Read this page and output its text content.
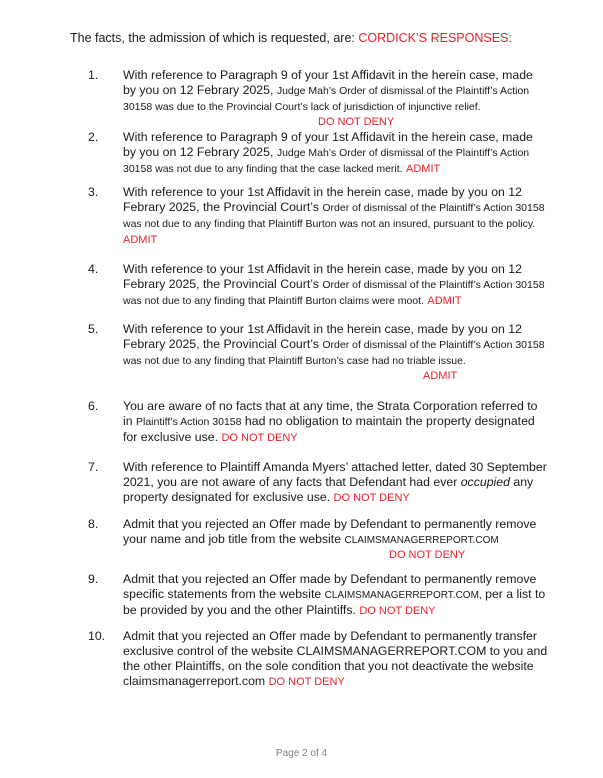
The facts, the admission of which is requested, are: CORDICK’S RESPONSES:
1.	With reference to Paragraph 9 of your 1st Affidavit in the herein case, made by you on 12 Febrary 2025, Judge Mah’s Order of dismissal of the Plaintiff’s Action 30158 was due to the Provincial Court’s lack of jurisdiction of injunctive relief.
DO NOT DENY
2.	With reference to Paragraph 9 of your 1st Affidavit in the herein case, made by you on 12 Febrary 2025, Judge Mah’s Order of dismissal of the Plaintiff’s Action 30158 was not due to any finding that the case lacked merit. ADMIT
3.	With reference to your 1st Affidavit in the herein case, made by you on 12 Febrary 2025, the Provincial Court’s Order of dismissal of the Plaintiff’s Action 30158 was not due to any finding that Plaintiff Burton was not an insured, pursuant to the policy. ADMIT
4.	With reference to your 1st Affidavit in the herein case, made by you on 12 Febrary 2025, the Provincial Court’s Order of dismissal of the Plaintiff’s Action 30158 was not due to any finding that Plaintiff Burton claims were moot. ADMIT
5.	With reference to your 1st Affidavit in the herein case, made by you on 12 Febrary 2025, the Provincial Court’s Order of dismissal of the Plaintiff’s Action 30158 was not due to any finding that Plaintiff Burton’s case had no triable issue.
ADMIT
6.	You are aware of no facts that at any time, the Strata Corporation referred to in Plaintiff’s Action 30158 had no obligation to maintain the property designated for exclusive use. DO NOT DENY
7.	With reference to Plaintiff Amanda Myers’ attached letter, dated 30 September 2021, you are not aware of any facts that Defendant had ever occupied any property designated for exclusive use. DO NOT DENY
8.	Admit that you rejected an Offer made by Defendant to permanently remove your name and job title from the website CLAIMSMANAGERREPORT.COM
DO NOT DENY
9.	Admit that you rejected an Offer made by Defendant to permanently remove specific statements from the website CLAIMSMANAGERREPORT.COM, per a list to be provided by you and the other Plaintiffs. DO NOT DENY
10.	Admit that you rejected an Offer made by Defendant to permanently transfer exclusive control of the website CLAIMSMANAGERREPORT.COM to you and the other Plaintiffs, on the sole condition that you not deactivate the website claimsmanagerreport.com DO NOT DENY
Page 2 of 4
